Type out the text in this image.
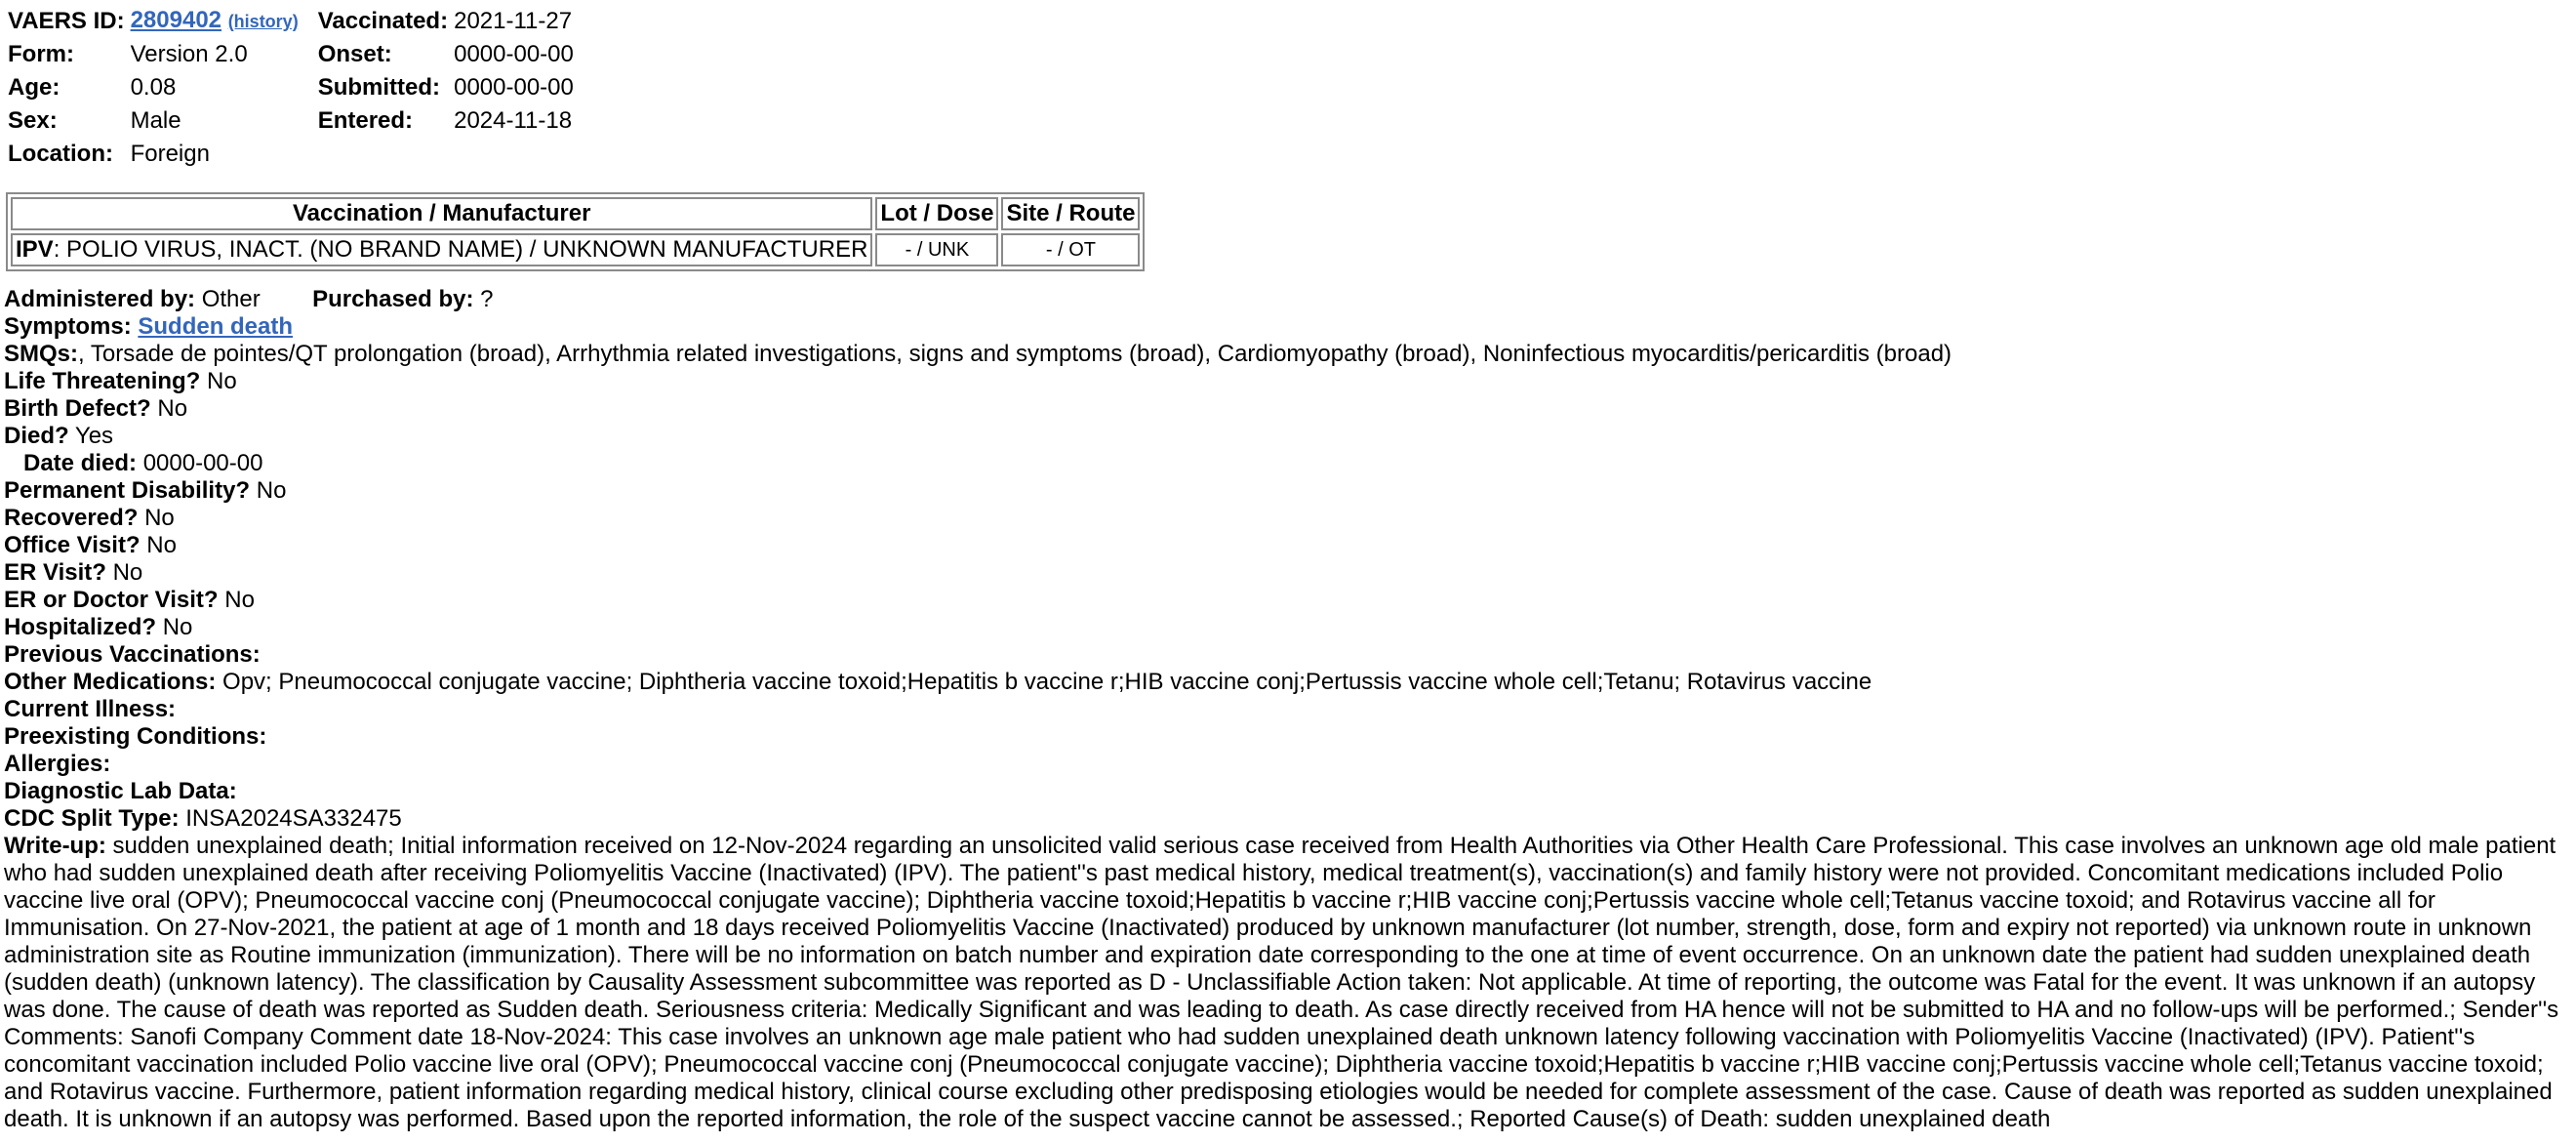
VAERS ID:	2809402 (history)	Vaccinated:	2021-11-27
Form:	Version 2.0	Onset:	0000-00-00
Age:	0.08	Submitted:	0000-00-00
Sex:	Male	Entered:	2024-11-18
Location:	Foreign		
Vaccination / Manufacturer	Lot / Dose	Site / Route
IPV: POLIO VIRUS, INACT. (NO BRAND NAME) / UNKNOWN MANUFACTURER	- / UNK	- / OT
Administered by: Other Purchased by: ?
Symptoms: Sudden death
SMQs:, Torsade de pointes/QT prolongation (broad), Arrhythmia related investigations, signs and symptoms (broad), Cardiomyopathy (broad), Noninfectious myocarditis/pericarditis (broad)
Life Threatening? No
Birth Defect? No
Died? Yes
Date died: 0000-00-00
Permanent Disability? No
Recovered? No
Office Visit? No
ER Visit? No
ER or Doctor Visit? No
Hospitalized? No
Previous Vaccinations:
Other Medications: Opv; Pneumococcal conjugate vaccine; Diphtheria vaccine toxoid;Hepatitis b vaccine r;HIB vaccine conj;Pertussis vaccine whole cell;Tetanu; Rotavirus vaccine
Current Illness:
Preexisting Conditions:
Allergies:
Diagnostic Lab Data:
CDC Split Type: INSA2024SA332475
Write-up: sudden unexplained death; Initial information received on 12-Nov-2024 regarding an unsolicited valid serious case received from Health Authorities via Other Health Care Professional. This case involves an unknown age old male patient who had sudden unexplained death after receiving Poliomyelitis Vaccine (Inactivated) (IPV). The patient''s past medical history, medical treatment(s), vaccination(s) and family history were not provided. Concomitant medications included Polio vaccine live oral (OPV); Pneumococcal vaccine conj (Pneumococcal conjugate vaccine); Diphtheria vaccine toxoid;Hepatitis b vaccine r;HIB vaccine conj;Pertussis vaccine whole cell;Tetanus vaccine toxoid; and Rotavirus vaccine all for Immunisation. On 27-Nov-2021, the patient at age of 1 month and 18 days received Poliomyelitis Vaccine (Inactivated) produced by unknown manufacturer (lot number, strength, dose, form and expiry not reported) via unknown route in unknown administration site as Routine immunization (immunization). There will be no information on batch number and expiration date corresponding to the one at time of event occurrence. On an unknown date the patient had sudden unexplained death (sudden death) (unknown latency). The classification by Causality Assessment subcommittee was reported as D - Unclassifiable Action taken: Not applicable. At time of reporting, the outcome was Fatal for the event. It was unknown if an autopsy was done. The cause of death was reported as Sudden death. Seriousness criteria: Medically Significant and was leading to death. As case directly received from HA hence will not be submitted to HA and no follow-ups will be performed.; Sender''s Comments: Sanofi Company Comment date 18-Nov-2024: This case involves an unknown age male patient who had sudden unexplained death unknown latency following vaccination with Poliomyelitis Vaccine (Inactivated) (IPV). Patient''s concomitant vaccination included Polio vaccine live oral (OPV); Pneumococcal vaccine conj (Pneumococcal conjugate vaccine); Diphtheria vaccine toxoid;Hepatitis b vaccine r;HIB vaccine conj;Pertussis vaccine whole cell;Tetanus vaccine toxoid; and Rotavirus vaccine. Furthermore, patient information regarding medical history, clinical course excluding other predisposing etiologies would be needed for complete assessment of the case. Cause of death was reported as sudden unexplained death. It is unknown if an autopsy was performed. Based upon the reported information, the role of the suspect vaccine cannot be assessed.; Reported Cause(s) of Death: sudden unexplained death
